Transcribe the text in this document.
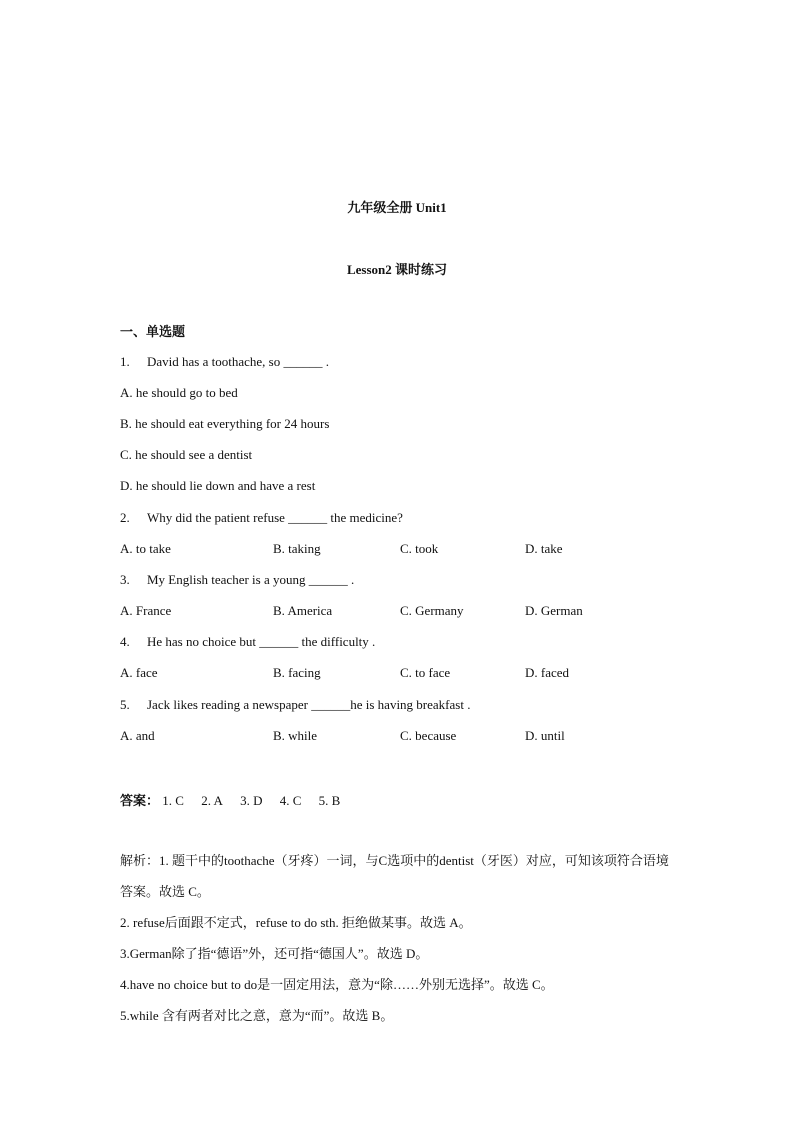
九年级全册 Unit1
Lesson2 课时练习
一、单选题
1. David has a toothache, so ______ .
A. he should go to bed
B. he should eat everything for 24 hours
C. he should see a dentist
D. he should lie down and have a rest
2. Why did the patient refuse ______ the medicine?
A. to take	B. taking	C. took	D. take
3. My English teacher is a young ______ .
A. France	B. America	C. Germany	D. German
4. He has no choice but ______ the difficulty .
A. face	B. facing	C. to face	D. faced
5. Jack likes reading a newspaper ______he is having breakfast .
A. and	B. while	C. because	D. until
答案： 1. C 2. A 3. D 4. C 5. B

解析：1. 题干中的toothache（牙疼）一词，与C选项中的dentist（牙医）对应，可知该项符合语境答案。故选 C。

2. refuse后面跟不定式，refuse to do sth. 拒绝做某事。故选 A。

3.German除了指“德语”外，还可指“德国人”。故选 D。

4.have no choice but to do是一固定用法，意为“除……外别无选择”。故选 C。

5.while 含有两者对比之意，意为“而”。故选 B。
